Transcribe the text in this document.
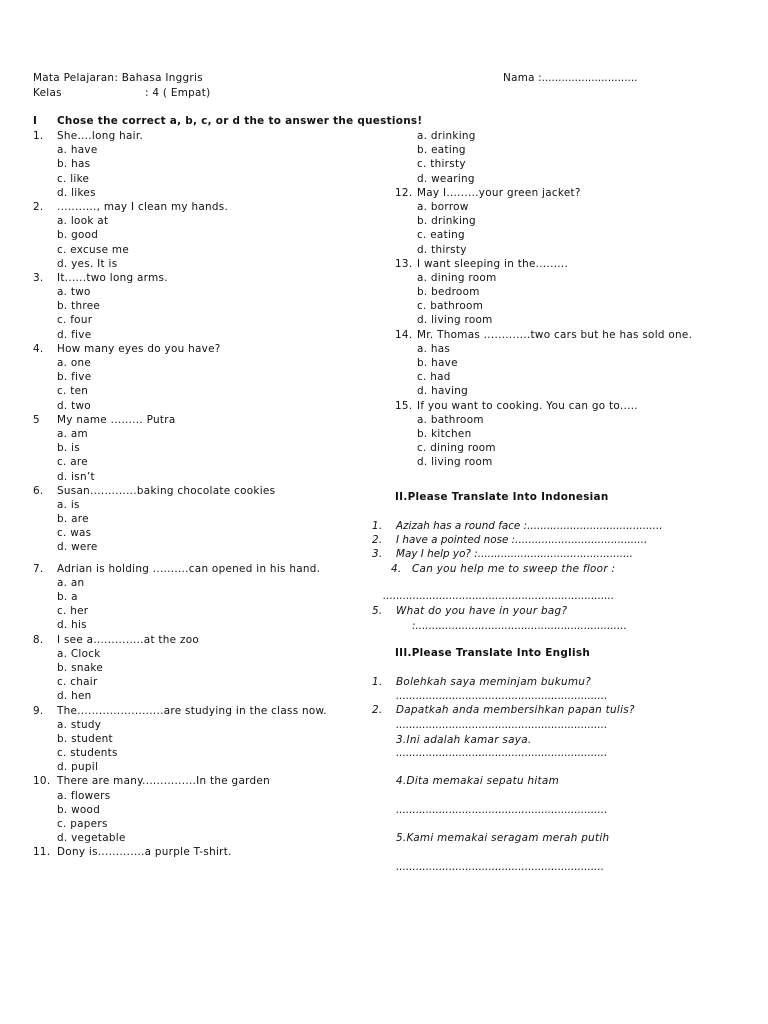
Mata Pelajaran: Bahasa Inggris
Kelas	: 4 ( Empat)
Nama :.............................
I Chose the correct a, b, c, or d the to answer the questions!
1. She....long hair.
a. have
b. has
c. like
d. likes
2. ..........., may I clean my hands.
a. look at
b. good
c. excuse me
d. yes. It is
3. It......two long arms.
a. two
b. three
c. four
d. five
4. How many eyes do you have?
a. one
b. five
c. ten
d. two
5 My name ......... Putra
a. am
b. is
c. are
d. isn’t
6. Susan.............baking chocolate cookies
a. is
b. are
c. was
d. were
7. Adrian is holding ..........can opened in his hand.
a. an
b. a
c. her
d. his
8. I see a..............at the zoo
a. Clock
b. snake
c. chair
d. hen
9. The........................are studying in the class now.
a. study
b. student
c. students
d. pupil
10. There are many...............In the garden
a. flowers
b. wood
c. papers
d. vegetable
11. Dony is.............a purple T-shirt.
a. drinking
b. eating
c. thirsty
d. wearing
12. May I.........your green jacket?
a. borrow
b. drinking
c. eating
d. thirsty
13. I want sleeping in the.........
a. dining room
b. bedroom
c. bathroom
d. living room
14. Mr. Thomas .............two cars but he has sold one.
a. has
b. have
c. had
d. having
15. If you want to cooking. You can go to.....
a. bathroom
b. kitchen
c. dining room
d. living room
II.Please Translate Into Indonesian
1. Azizah has a round face :.........................................
2. I have a pointed nose :........................................
3. May I help yo? :...............................................
4. Can you help me to sweep the floor :
......................................................................
5. What do you have in your bag?
:................................................................
III.Please Translate Into English
1. Bolehkah saya meminjam bukumu?
................................................................
2. Dapatkah anda membersihkan papan tulis?
................................................................
3.Ini adalah kamar saya.
................................................................
4.Dita memakai sepatu hitam
................................................................
5.Kami memakai seragam merah putih
...............................................................
